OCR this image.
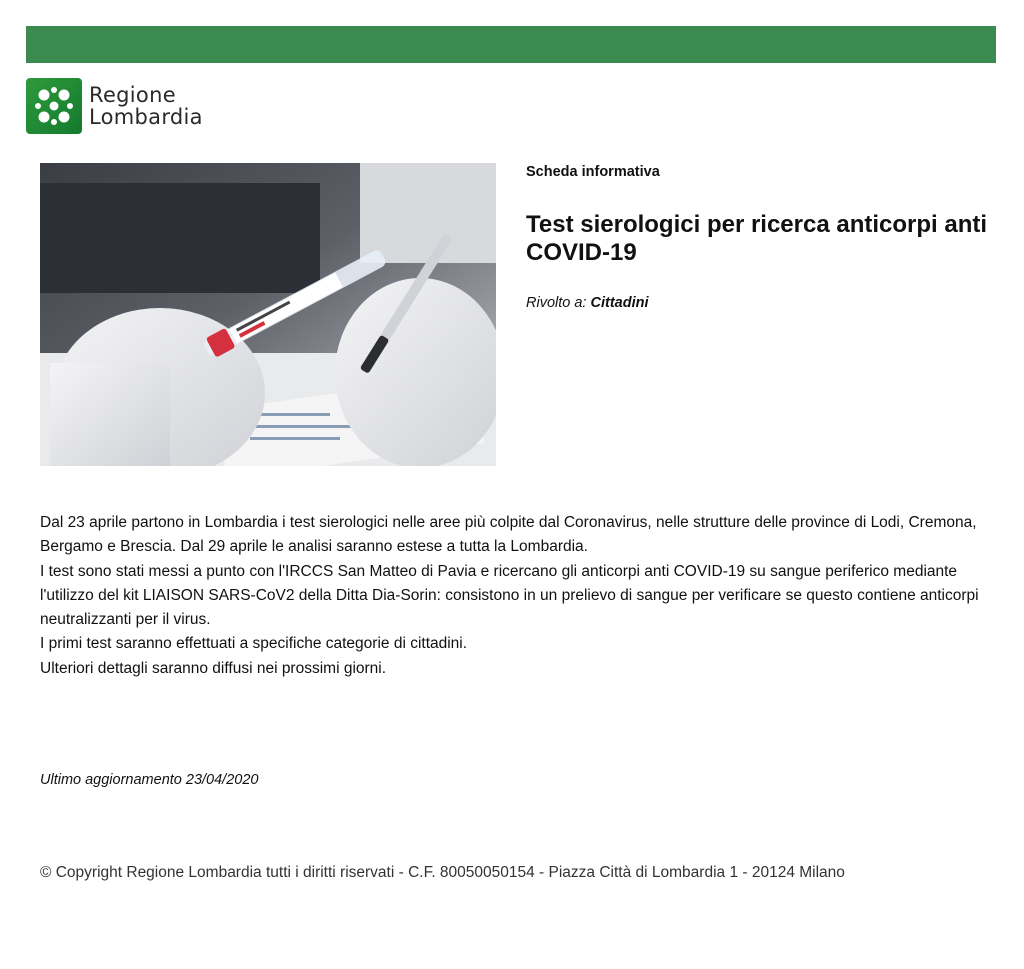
Regione
Lombardia

Scheda informativa

Test sierologici per ricerca anticorpi anti COVID-19
Rivolto a: Cittadini

Dal 23 aprile partono in Lombardia i test sierologici nelle aree più colpite dal Coronavirus, nelle strutture delle province di Lodi, Cremona, Bergamo e Brescia. Dal 29 aprile le analisi saranno estese a tutta la Lombardia.

I test sono stati messi a punto con l'IRCCS San Matteo di Pavia e ricercano gli anticorpi anti COVID-19 su sangue periferico mediante l'utilizzo del kit LIAISON SARS-CoV2 della Ditta Dia-Sorin: consistono in un prelievo di sangue per verificare se questo contiene anticorpi neutralizzanti per il virus.

I primi test saranno effettuati a specifiche categorie di cittadini.

Ulteriori dettagli saranno diffusi nei prossimi giorni.

Ultimo aggiornamento 23/04/2020
© Copyright Regione Lombardia tutti i diritti riservati - C.F. 80050050154 - Piazza Città di Lombardia 1 - 20124 Milano
